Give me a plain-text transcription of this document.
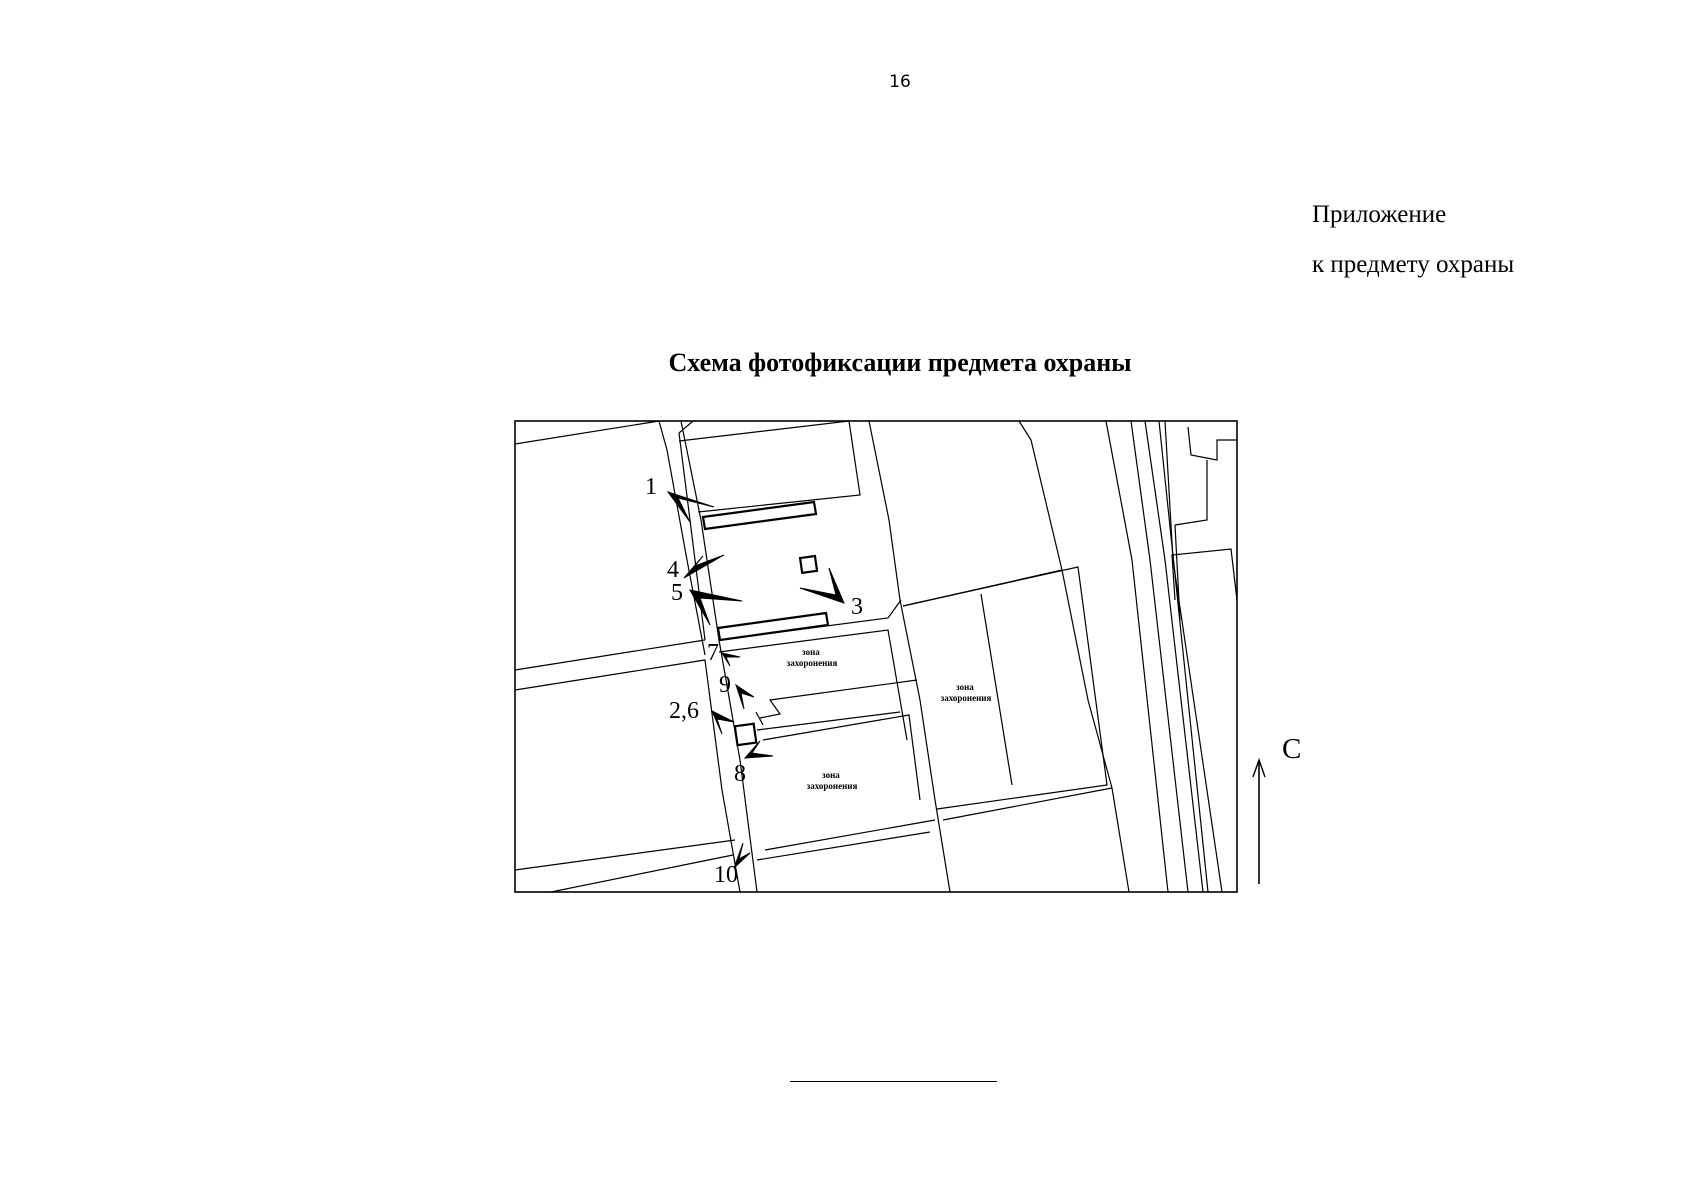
16
Приложение
к предмету охраны
Схема фотофиксации предмета охраны
зона захоронения
зона захоронения
зона захоронения
1
4
5
3
7
9
2,6
8
10
С
